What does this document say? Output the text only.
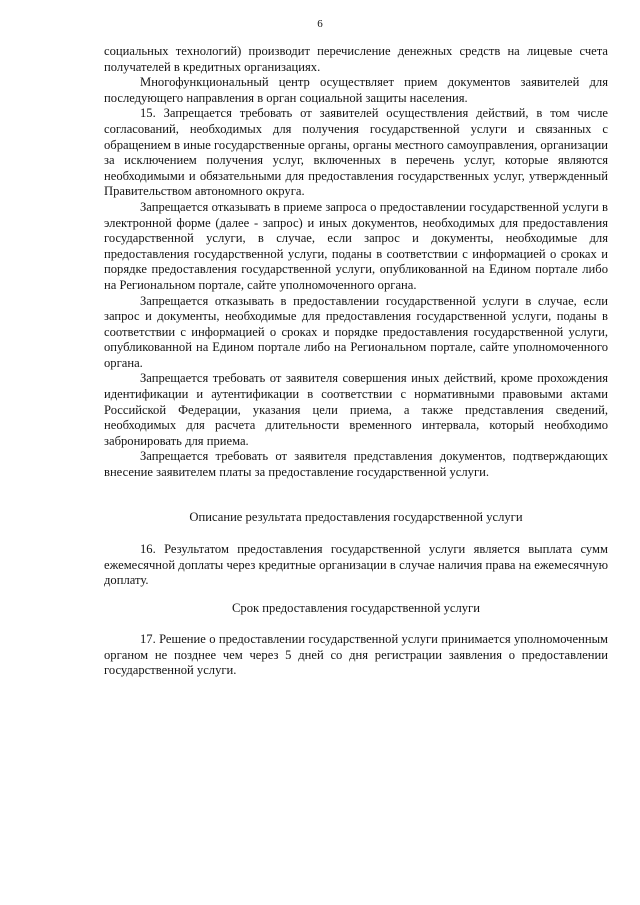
6

социальных технологий) производит перечисление денежных средств на лицевые счета получателей в кредитных организациях.

Многофункциональный центр осуществляет прием документов заявителей для последующего направления в орган социальной защиты населения.

15. Запрещается требовать от заявителей осуществления действий, в том числе согласований, необходимых для получения государственной услуги и связанных с обращением в иные государственные органы, органы местного самоуправления, организации за исключением получения услуг, включенных в перечень услуг, которые являются необходимыми и обязательными для предоставления государственных услуг, утвержденный Правительством автономного округа.

Запрещается отказывать в приеме запроса о предоставлении государственной услуги в электронной форме (далее - запрос) и иных документов, необходимых для предоставления государственной услуги, в случае, если запрос и документы, необходимые для предоставления государственной услуги, поданы в соответствии с информацией о сроках и порядке предоставления государственной услуги, опубликованной на Едином портале либо на Региональном портале, сайте уполномоченного органа.

Запрещается отказывать в предоставлении государственной услуги в случае, если запрос и документы, необходимые для предоставления государственной услуги, поданы в соответствии с информацией о сроках и порядке предоставления государственной услуги, опубликованной на Едином портале либо на Региональном портале, сайте уполномоченного органа.

Запрещается требовать от заявителя совершения иных действий, кроме прохождения идентификации и аутентификации в соответствии с нормативными правовыми актами Российской Федерации, указания цели приема, а также представления сведений, необходимых для расчета длительности временного интервала, который необходимо забронировать для приема.

Запрещается требовать от заявителя представления документов, подтверждающих внесение заявителем платы за предоставление государственной услуги.

Описание результата предоставления государственной услуги

16. Результатом предоставления государственной услуги является выплата сумм ежемесячной доплаты через кредитные организации в случае наличия права на ежемесячную доплату.

Срок предоставления государственной услуги

17. Решение о предоставлении государственной услуги принимается уполномоченным органом не позднее чем через 5 дней со дня регистрации заявления о предоставлении государственной услуги.
